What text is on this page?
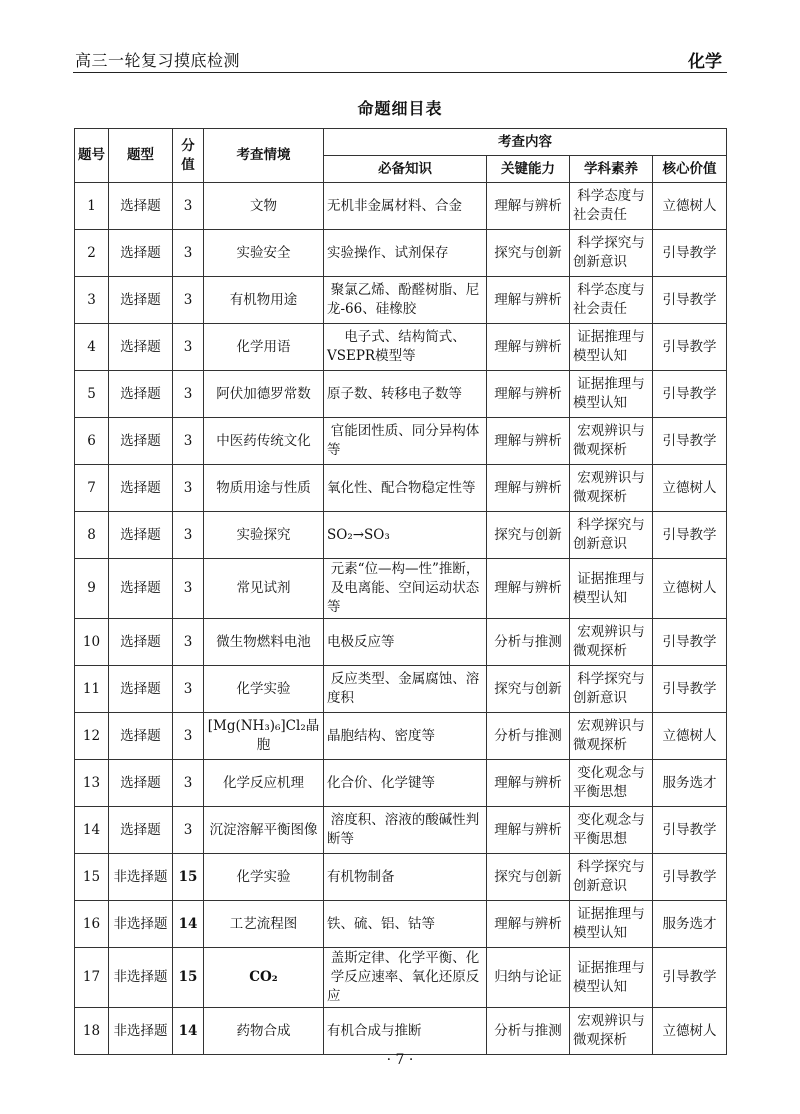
高三一轮复习摸底检测	化学
命题细目表
题号	题型	分值	考查情境	考查内容			
				必备知识	关键能力	学科素养	核心价值
1	选择题	3	文物	无机非金属材料、合金	理解与辨析	科学态度与社会责任	立德树人
2	选择题	3	实验安全	实验操作、试剂保存	探究与创新	科学探究与创新意识	引导教学
3	选择题	3	有机物用途	聚氯乙烯、酚醛树脂、尼龙-66、硅橡胶	理解与辨析	科学态度与社会责任	引导教学
4	选择题	3	化学用语	电子式、结构简式、VSEPR模型等	理解与辨析	证据推理与模型认知	引导教学
5	选择题	3	阿伏加德罗常数	原子数、转移电子数等	理解与辨析	证据推理与模型认知	引导教学
6	选择题	3	中医药传统文化	官能团性质、同分异构体等	理解与辨析	宏观辨识与微观探析	引导教学
7	选择题	3	物质用途与性质	氧化性、配合物稳定性等	理解与辨析	宏观辨识与微观探析	立德树人
8	选择题	3	实验探究	SO₂→SO₃	探究与创新	科学探究与创新意识	引导教学
9	选择题	3	常见试剂	元素“位—构—性”推断，及电离能、空间运动状态等	理解与辨析	证据推理与模型认知	立德树人
10	选择题	3	微生物燃料电池	电极反应等	分析与推测	宏观辨识与微观探析	引导教学
11	选择题	3	化学实验	反应类型、金属腐蚀、溶度积	探究与创新	科学探究与创新意识	引导教学
12	选择题	3	[Mg(NH₃)₆]Cl₂晶胞	晶胞结构、密度等	分析与推测	宏观辨识与微观探析	立德树人
13	选择题	3	化学反应机理	化合价、化学键等	理解与辨析	变化观念与平衡思想	服务选才
14	选择题	3	沉淀溶解平衡图像	溶度积、溶液的酸碱性判断等	理解与辨析	变化观念与平衡思想	引导教学
15	非选择题	15	化学实验	有机物制备	探究与创新	科学探究与创新意识	引导教学
16	非选择题	14	工艺流程图	铁、硫、铝、钴等	理解与辨析	证据推理与模型认知	服务选才
17	非选择题	15	CO₂	盖斯定律、化学平衡、化学反应速率、氧化还原反应	归纳与论证	证据推理与模型认知	引导教学
18	非选择题	14	药物合成	有机合成与推断	分析与推测	宏观辨识与微观探析	立德树人
· 7 ·
